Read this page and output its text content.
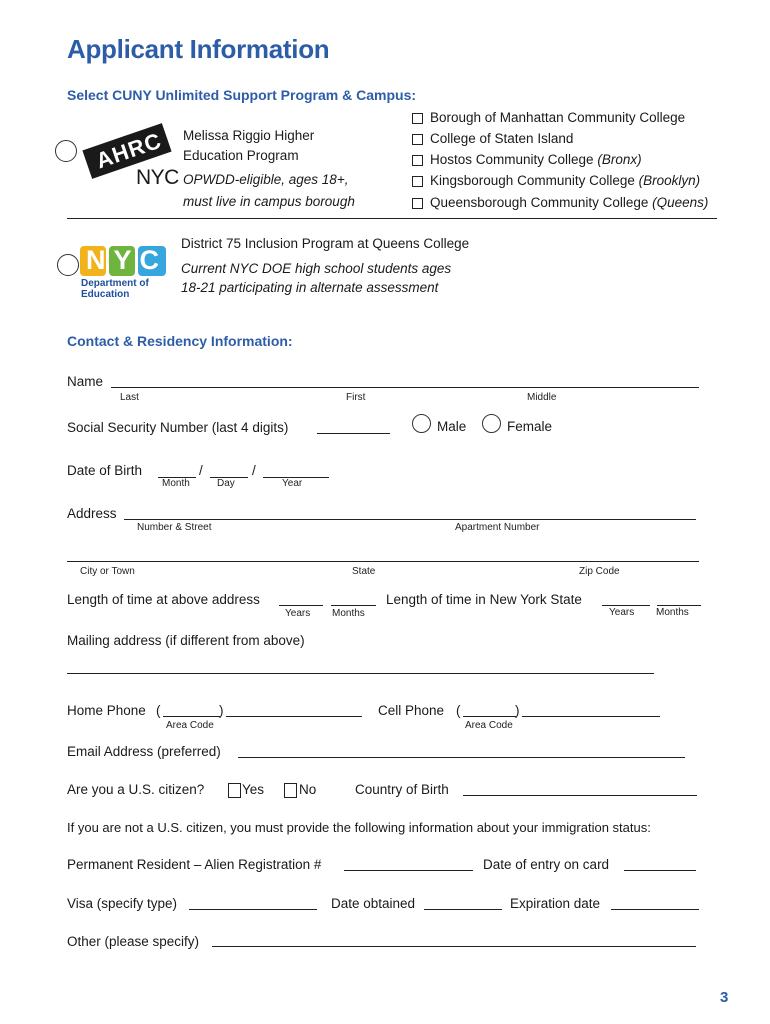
Applicant Information
Select CUNY Unlimited Support Program & Campus:
AHRC
NYC
Melissa Riggio Higher
Education Program
OPWDD-eligible, ages 18+,
must live in campus borough
Borough of Manhattan Community College
College of Staten Island
Hostos Community College (Bronx)
Kingsborough Community College (Brooklyn)
Queensborough Community College (Queens)
NYC
Department of
Education
District 75 Inclusion Program at Queens College
Current NYC DOE high school students ages
18-21 participating in alternate assessment
Contact & Residency Information:
Name
Last	First	Middle
Social Security Number (last 4 digits)	Male	Female
Date of Birth	/	/
Month	Day	Year
Address
Number & Street	Apartment Number
City or Town	State	Zip Code
Length of time at above address
Years Months
Length of time in New York State
Years Months
Mailing address (if different from above)
Home Phone (	)
Area Code
Cell Phone (	)
Area Code
Email Address (preferred)
Are you a U.S. citizen?	Yes	No	Country of Birth
If you are not a U.S. citizen, you must provide the following information about your immigration status:
Permanent Resident – Alien Registration #	Date of entry on card
Visa (specify type)	Date obtained	Expiration date
Other (please specify)
3
